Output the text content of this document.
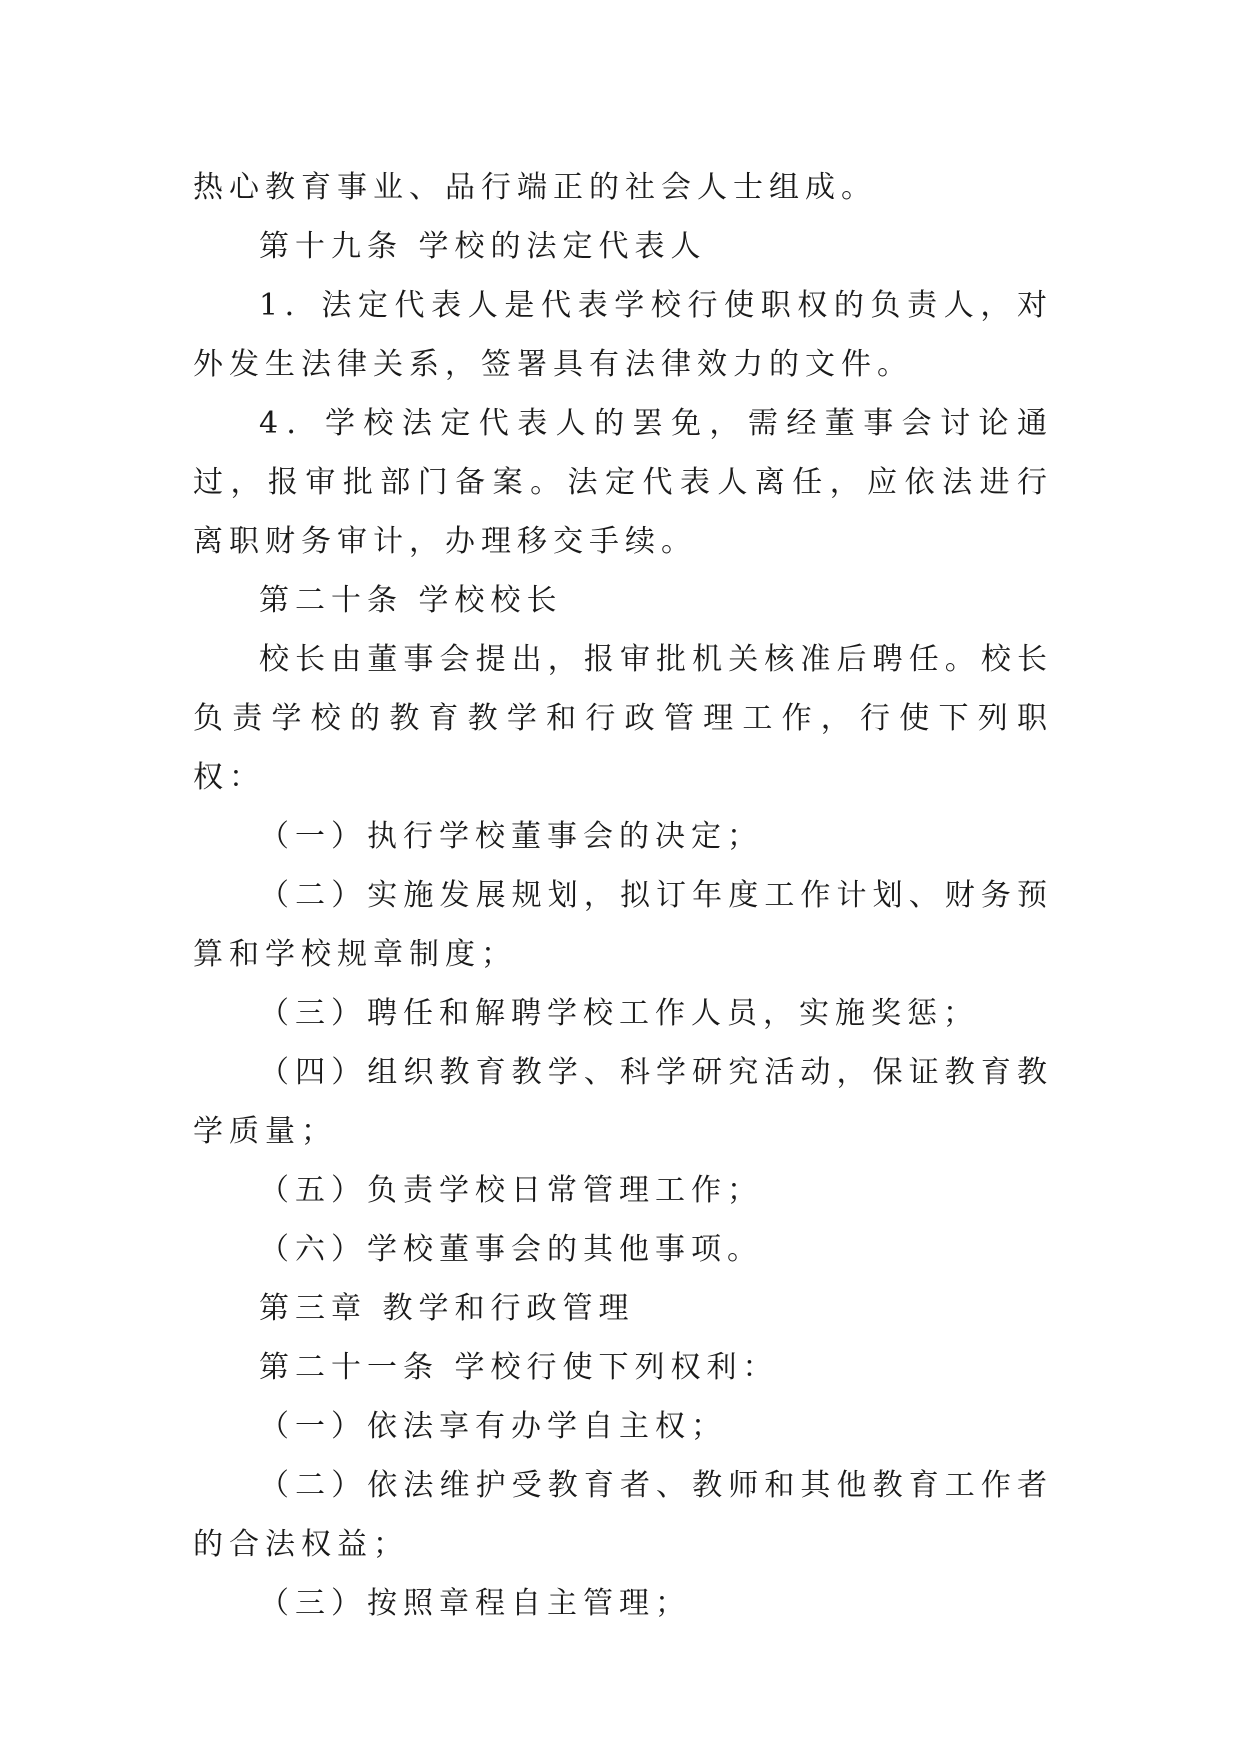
热心教育事业、品行端正的社会人士组成。

第十九条 学校的法定代表人

1．法定代表人是代表学校行使职权的负责人，对外发生法律关系，签署具有法律效力的文件。

4．学校法定代表人的罢免，需经董事会讨论通过，报审批部门备案。法定代表人离任，应依法进行离职财务审计，办理移交手续。

第二十条 学校校长

校长由董事会提出，报审批机关核准后聘任。校长负责学校的教育教学和行政管理工作，行使下列职权：

（一）执行学校董事会的决定；

（二）实施发展规划，拟订年度工作计划、财务预算和学校规章制度；

（三）聘任和解聘学校工作人员，实施奖惩；

（四）组织教育教学、科学研究活动，保证教育教学质量；

（五）负责学校日常管理工作；

（六）学校董事会的其他事项。

第三章 教学和行政管理

第二十一条 学校行使下列权利：

（一）依法享有办学自主权；

（二）依法维护受教育者、教师和其他教育工作者的合法权益；

（三）按照章程自主管理；
